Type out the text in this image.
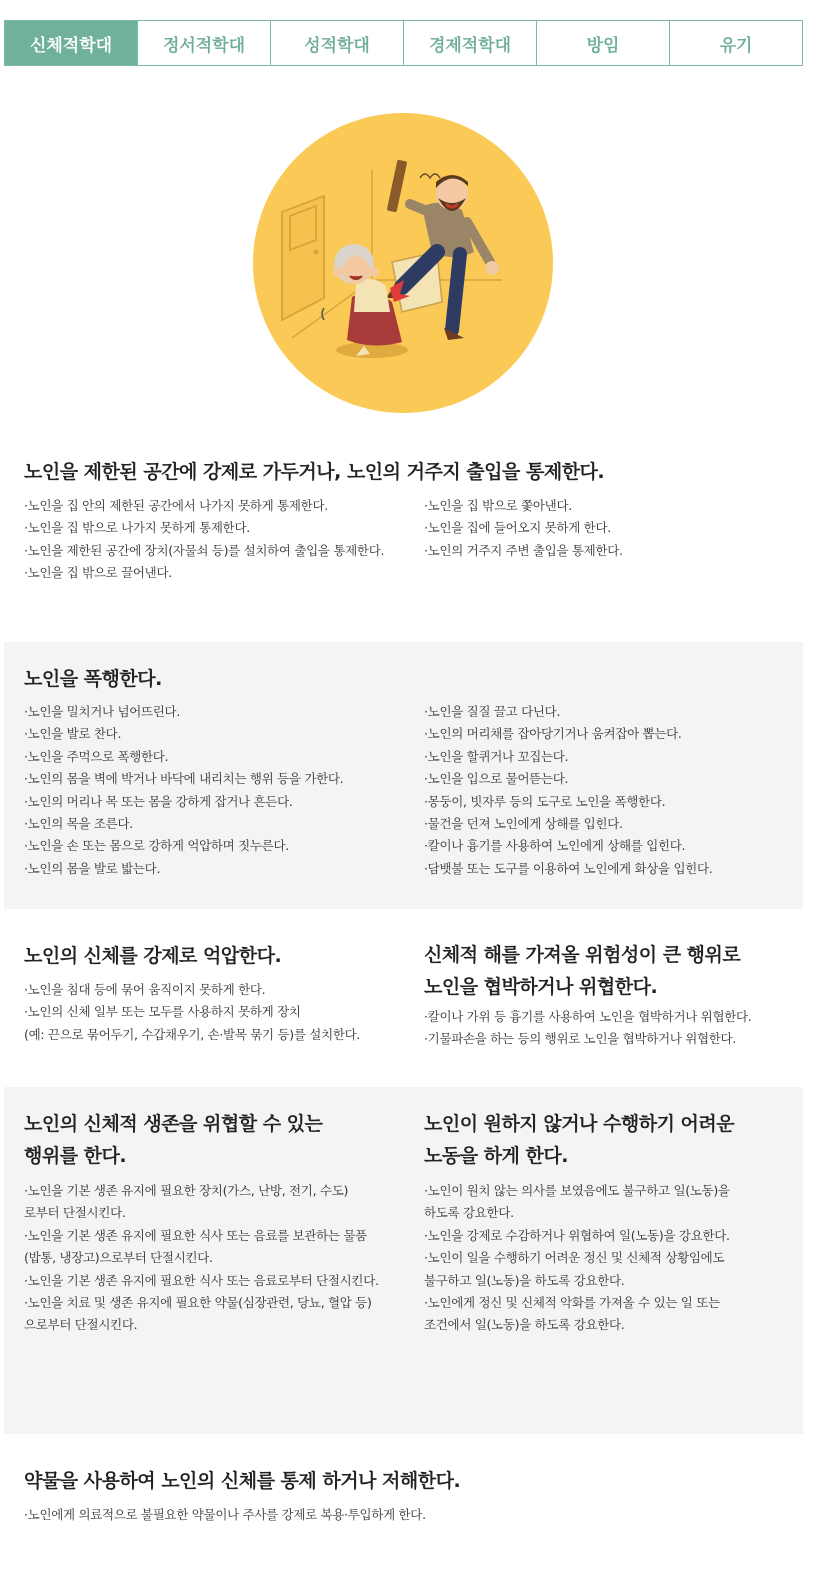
신체적학대	정서적학대	성적학대	경제적학대	방임	유기
노인을 제한된 공간에 강제로 가두거나, 노인의 거주지 출입을 통제한다.
·노인을 집 안의 제한된 공간에서 나가지 못하게 통제한다.
·노인을 집 밖으로 나가지 못하게 통제한다.
·노인을 제한된 공간에 장치(자물쇠 등)를 설치하여 출입을 통제한다.
·노인을 집 밖으로 끌어낸다.
·노인을 집 밖으로 쫓아낸다.
·노인을 집에 들어오지 못하게 한다.
·노인의 거주지 주변 출입을 통제한다.
노인을 폭행한다.
·노인을 밀치거나 넘어뜨린다.
·노인을 발로 찬다.
·노인을 주먹으로 폭행한다.
·노인의 몸을 벽에 박거나 바닥에 내리치는 행위 등을 가한다.
·노인의 머리나 목 또는 몸을 강하게 잡거나 흔든다.
·노인의 목을 조른다.
·노인을 손 또는 몸으로 강하게 억압하며 짓누른다.
·노인의 몸을 발로 밟는다.
·노인을 질질 끌고 다닌다.
·노인의 머리채를 잡아당기거나 움켜잡아 뽑는다.
·노인을 할퀴거나 꼬집는다.
·노인을 입으로 물어뜯는다.
·몽둥이, 빗자루 등의 도구로 노인을 폭행한다.
·물건을 던져 노인에게 상해를 입힌다.
·칼이나 흉기를 사용하여 노인에게 상해를 입힌다.
·담뱃불 또는 도구를 이용하여 노인에게 화상을 입힌다.
노인의 신체를 강제로 억압한다.
·노인을 침대 등에 묶어 움직이지 못하게 한다.
·노인의 신체 일부 또는 모두를 사용하지 못하게 장치
(예: 끈으로 묶어두기, 수갑채우기, 손·발목 묶기 등)를 설치한다.
신체적 해를 가져올 위험성이 큰 행위로
노인을 협박하거나 위협한다.
·칼이나 가위 등 흉기를 사용하여 노인을 협박하거나 위협한다.
·기물파손을 하는 등의 행위로 노인을 협박하거나 위협한다.
노인의 신체적 생존을 위협할 수 있는
행위를 한다.
·노인을 기본 생존 유지에 필요한 장치(가스, 난방, 전기, 수도)
로부터 단절시킨다.
·노인을 기본 생존 유지에 필요한 식사 또는 음료를 보관하는 물품
(밥통, 냉장고)으로부터 단절시킨다.
·노인을 기본 생존 유지에 필요한 식사 또는 음료로부터 단절시킨다.
·노인을 치료 및 생존 유지에 필요한 약물(심장관련, 당뇨, 혈압 등)
으로부터 단절시킨다.
노인이 원하지 않거나 수행하기 어려운
노동을 하게 한다.
·노인이 원치 않는 의사를 보였음에도 불구하고 일(노동)을
하도록 강요한다.
·노인을 강제로 수감하거나 위협하여 일(노동)을 강요한다.
·노인이 일을 수행하기 어려운 정신 및 신체적 상황임에도
불구하고 일(노동)을 하도록 강요한다.
·노인에게 정신 및 신체적 악화를 가져올 수 있는 일 또는
조건에서 일(노동)을 하도록 강요한다.
약물을 사용하여 노인의 신체를 통제 하거나 저해한다.
·노인에게 의료적으로 불필요한 약물이나 주사를 강제로 복용·투입하게 한다.
